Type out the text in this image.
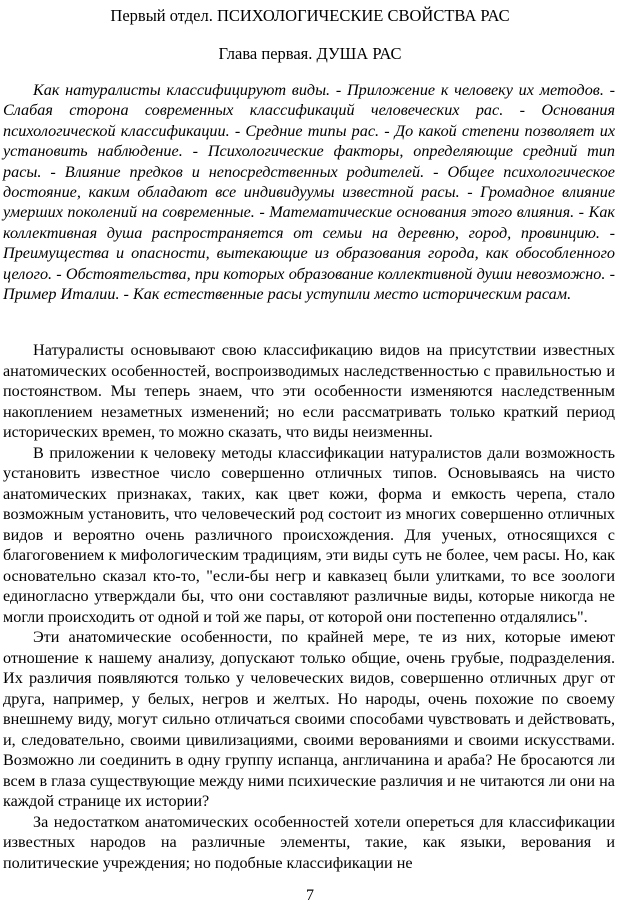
Первый отдел. ПСИХОЛОГИЧЕСКИЕ СВОЙСТВА РАС
Глава первая. ДУША РАС

Как натуралисты классифицируют виды. - Приложение к человеку их методов. - Слабая сторона современных классификаций человеческих рас. - Основания психологической классификации. - Средние типы рас. - До какой степени позволяет их установить наблюдение. - Психологические факторы, определяющие средний тип расы. - Влияние предков и непосредственных родителей. - Общее психологическое достояние, каким обладают все индивидуумы известной расы. - Громадное влияние умерших поколений на современные. - Математические основания этого влияния. - Как коллективная душа распространяется от семьи на деревню, город, провинцию. - Преимущества и опасности, вытекающие из образования города, как обособленного целого. - Обстоятельства, при которых образование коллективной души невозможно. - Пример Италии. - Как естественные расы уступили место историческим расам.

Натуралисты основывают свою классификацию видов на присутствии известных анатомических особенностей, воспроизводимых наследственностью с правильностью и постоянством. Мы теперь знаем, что эти особенности изменяются наследственным накоплением незаметных изменений; но если рассматривать только краткий период исторических времен, то можно сказать, что виды неизменны.

В приложении к человеку методы классификации натуралистов дали возможность установить известное число совершенно отличных типов. Основываясь на чисто анатомических признаках, таких, как цвет кожи, форма и емкость черепа, стало возможным установить, что человеческий род состоит из многих совершенно отличных видов и вероятно очень различного происхождения. Для ученых, относящихся с благоговением к мифологическим традициям, эти виды суть не более, чем расы. Но, как основательно сказал кто-то, "если-бы негр и кавказец были улитками, то все зоологи единогласно утверждали бы, что они составляют различные виды, которые никогда не могли происходить от одной и той же пары, от которой они постепенно отдалялись".

Эти анатомические особенности, по крайней мере, те из них, которые имеют отношение к нашему анализу, допускают только общие, очень грубые, подразделения. Их различия появляются только у человеческих видов, совершенно отличных друг от друга, например, у белых, негров и желтых. Но народы, очень похожие по своему внешнему виду, могут сильно отличаться своими способами чувствовать и действовать, и, следовательно, своими цивилизациями, своими верованиями и своими искусствами. Возможно ли соединить в одну группу испанца, англичанина и араба? Не бросаются ли всем в глаза существующие между ними психические различия и не читаются ли они на каждой странице их истории?

За недостатком анатомических особенностей хотели опереться для классификации известных народов на различные элементы, такие, как языки, верования и политические учреждения; но подобные классификации не

7
